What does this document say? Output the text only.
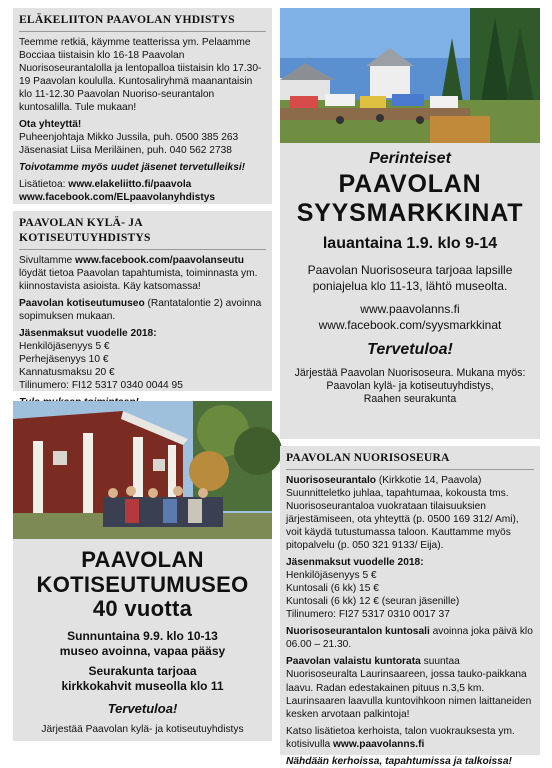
ELÄKELIITON PAAVOLAN YHDISTYS

Teemme retkiä, käymme teatterissa ym. Pelaamme Bocciaa tiistaisin klo 16-18 Paavolan Nuorisoseurantalolla ja lentopalloa tiistaisin klo 17.30-19 Paavolan koululla. Kuntosaliryhmä maanantaisin klo 11-12.30 Paavolan Nuoriso-seurantalon kuntosalilla. Tule mukaan!

Ota yhteyttä!
Puheenjohtaja Mikko Jussila, puh. 0500 385 263

Jäsenasiat Liisa Meriläinen, puh. 040 562 2738

Toivotamme myös uudet jäsenet tervetulleiksi!

Lisätietoa: www.elakeliitto.fi/paavola
www.facebook.com/ELpaavolanyhdistys
PAAVOLAN KYLÄ- JA KOTISEUTUYHDISTYS

Sivultamme www.facebook.com/paavolanseutu löydät tietoa Paavolan tapahtumista, toiminnasta ym. kiinnostavista asioista. Käy katsomassa!

Paavolan kotiseutumuseo (Rantatalontie 2) avoinna sopimuksen mukaan.

Jäsenmaksut vuodelle 2018:
Henkilöjäsenyys 5 €
Perhejäsenyys 10 €
Kannatusmaksu 20 €

Tilinumero: FI12 5317 0340 0044 95

PAAVOLAN
KOTISEUTUMUSEO
40 vuotta
Sunnuntaina 9.9. klo 10-13
museo avoinna, vapaa pääsy
Seurakunta tarjoaa
kirkkokahvit museolla klo 11
Tervetuloa!
Järjestää Paavolan kylä- ja kotiseutuyhdistys
Perinteiset
PAAVOLAN
SYYSMARKKINAT
lauantaina 1.9. klo 9-14
Paavolan Nuorisoseura tarjoaa lapsille
poniajelua klo 11-13, lähtö museolta.
www.paavolanns.fi
www.facebook.com/syysmarkkinat
Tervetuloa!
Järjestää Paavolan Nuorisoseura. Mukana myös:
Paavolan kylä- ja kotiseutuyhdistys,
Raahen seurakunta
PAAVOLAN NUORISOSEURA

Nuorisoseurantalo (Kirkkotie 14, Paavola) Suunnitteletko juhlaa, tapahtumaa, kokousta tms. Nuorisoseurantaloa vuokrataan tilaisuuksien järjestämiseen, ota yhteyttä (p. 0500 169 312/ Ami), voit käydä tutustumassa taloon. Kauttamme myös pitopalvelu (p. 050 321 9133/ Eija).

Jäsenmaksut vuodelle 2018:
Henkilöjäsenyys 5 €
Kuntosali (6 kk) 15 €
Kuntosali (6 kk) 12 € (seuran jäsenille)

Tilinumero: FI27 5317 0310 0017 37

Nuorisoseurantalon kuntosali avoinna joka päivä klo 06.00 – 21.30.

Paavolan valaistu kuntorata suuntaa Nuorisoseuralta Laurinsaareen, jossa tauko-paikkana laavu. Radan edestakainen pituus n.3,5 km. Laurinsaaren laavulla kuntovihkoon nimen laittaneiden kesken arvotaan palkintoja!

Katso lisätietoa kerhoista, talon vuokrauksesta ym. kotisivulla www.paavolanns.fi

Nähdään kerhoissa, tapahtumissa ja talkoissa!
